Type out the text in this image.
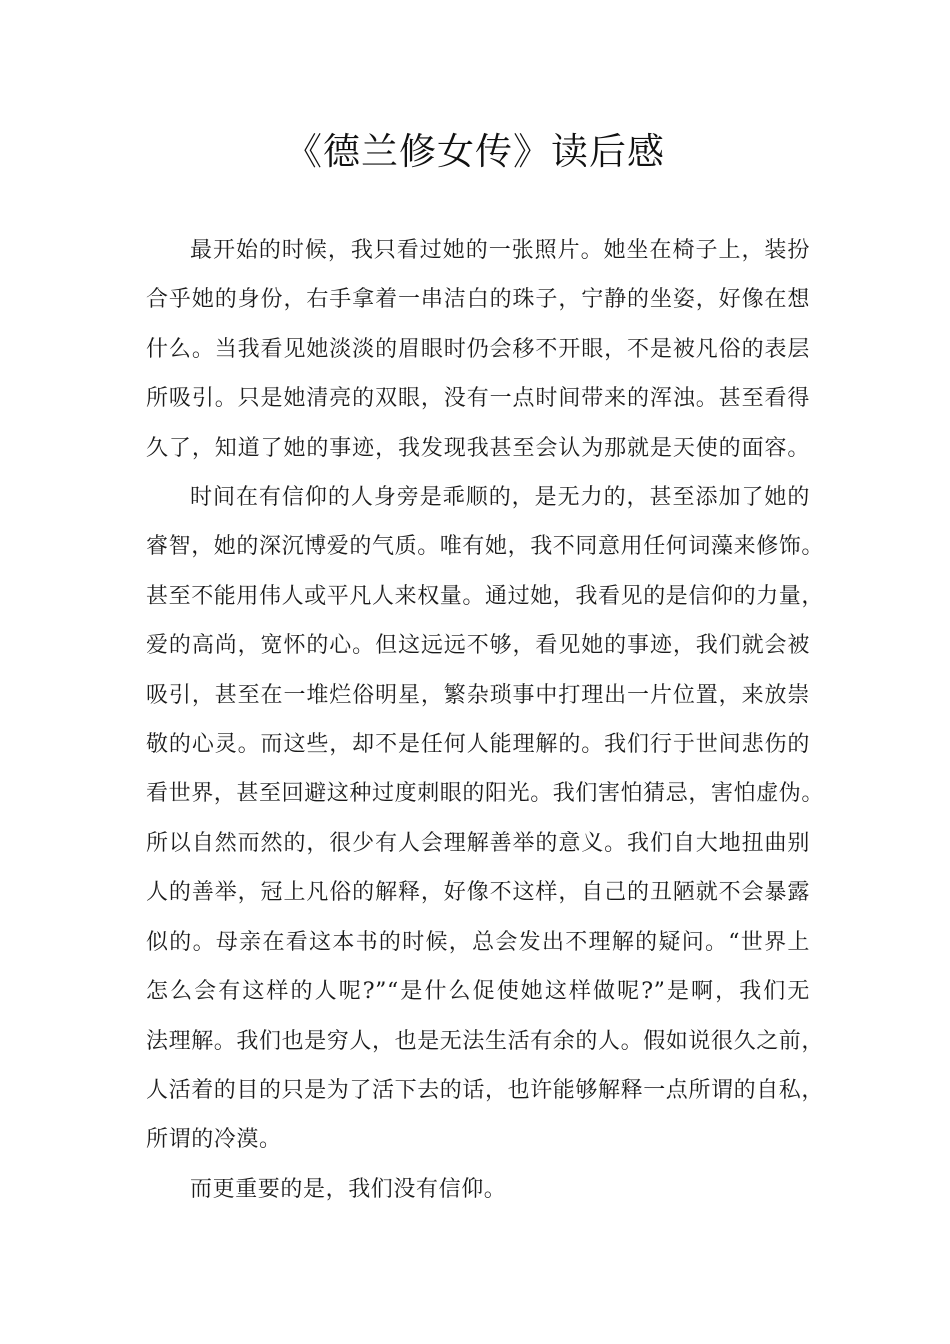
《德兰修女传》读后感
最开始的时候，我只看过她的一张照片。她坐在椅子上，装扮
合乎她的身份，右手拿着一串洁白的珠子，宁静的坐姿，好像在想
什么。当我看见她淡淡的眉眼时仍会移不开眼，不是被凡俗的表层
所吸引。只是她清亮的双眼，没有一点时间带来的浑浊。甚至看得
久了，知道了她的事迹，我发现我甚至会认为那就是天使的面容。
时间在有信仰的人身旁是乖顺的，是无力的，甚至添加了她的
睿智，她的深沉博爱的气质。唯有她，我不同意用任何词藻来修饰。
甚至不能用伟人或平凡人来权量。通过她，我看见的是信仰的力量，
爱的高尚，宽怀的心。但这远远不够，看见她的事迹，我们就会被
吸引，甚至在一堆烂俗明星，繁杂琐事中打理出一片位置，来放崇
敬的心灵。而这些，却不是任何人能理解的。我们行于世间悲伤的
看世界，甚至回避这种过度刺眼的阳光。我们害怕猜忌，害怕虚伪。
所以自然而然的，很少有人会理解善举的意义。我们自大地扭曲别
人的善举，冠上凡俗的解释，好像不这样，自己的丑陋就不会暴露
似的。母亲在看这本书的时候，总会发出不理解的疑问。“世界上
怎么会有这样的人呢?”“是什么促使她这样做呢?”是啊，我们无
法理解。我们也是穷人，也是无法生活有余的人。假如说很久之前，
人活着的目的只是为了活下去的话，也许能够解释一点所谓的自私，
所谓的冷漠。
而更重要的是，我们没有信仰。
